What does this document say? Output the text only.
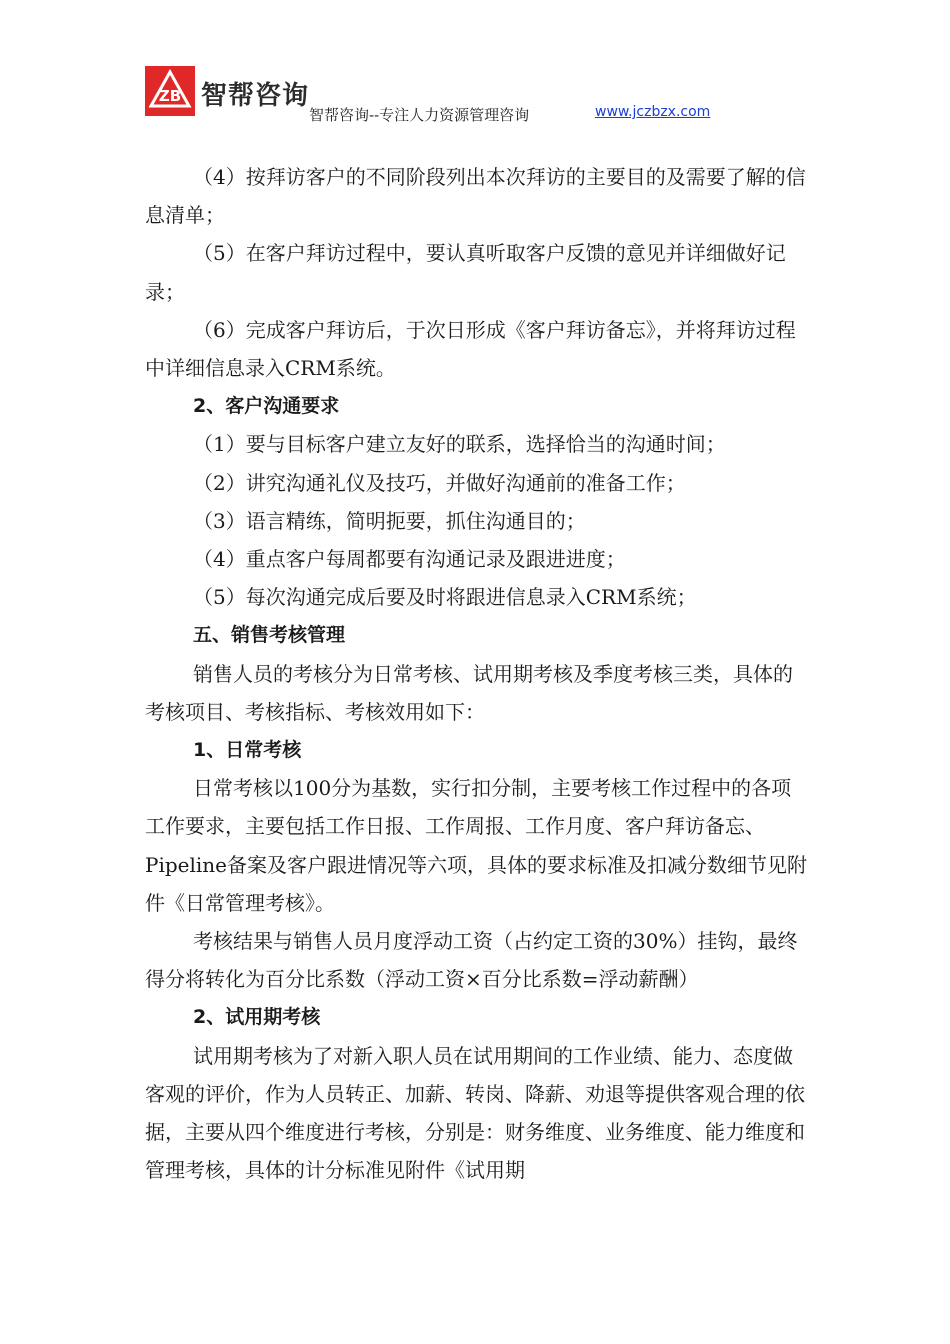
ZB 智帮咨询
智帮咨询--专注人力资源管理咨询	www.jczbzx.com

（4）按拜访客户的不同阶段列出本次拜访的主要目的及需要了解的信息清单；

（5）在客户拜访过程中，要认真听取客户反馈的意见并详细做好记录；

（6）完成客户拜访后，于次日形成《客户拜访备忘》，并将拜访过程中详细信息录入CRM系统。

2、客户沟通要求

（1）要与目标客户建立友好的联系，选择恰当的沟通时间；

（2）讲究沟通礼仪及技巧，并做好沟通前的准备工作；

（3）语言精练，简明扼要，抓住沟通目的；

（4）重点客户每周都要有沟通记录及跟进进度；

（5）每次沟通完成后要及时将跟进信息录入CRM系统；

五、销售考核管理

销售人员的考核分为日常考核、试用期考核及季度考核三类，具体的考核项目、考核指标、考核效用如下：

1、日常考核

日常考核以100分为基数，实行扣分制，主要考核工作过程中的各项工作要求，主要包括工作日报、工作周报、工作月度、客户拜访备忘、Pipeline备案及客户跟进情况等六项，具体的要求标准及扣减分数细节见附件《日常管理考核》。

考核结果与销售人员月度浮动工资（占约定工资的30%）挂钩，最终得分将转化为百分比系数（浮动工资×百分比系数=浮动薪酬）

2、试用期考核

试用期考核为了对新入职人员在试用期间的工作业绩、能力、态度做客观的评价，作为人员转正、加薪、转岗、降薪、劝退等提供客观合理的依据，主要从四个维度进行考核，分别是：财务维度、业务维度、能力维度和管理考核，具体的计分标准见附件《试用期
